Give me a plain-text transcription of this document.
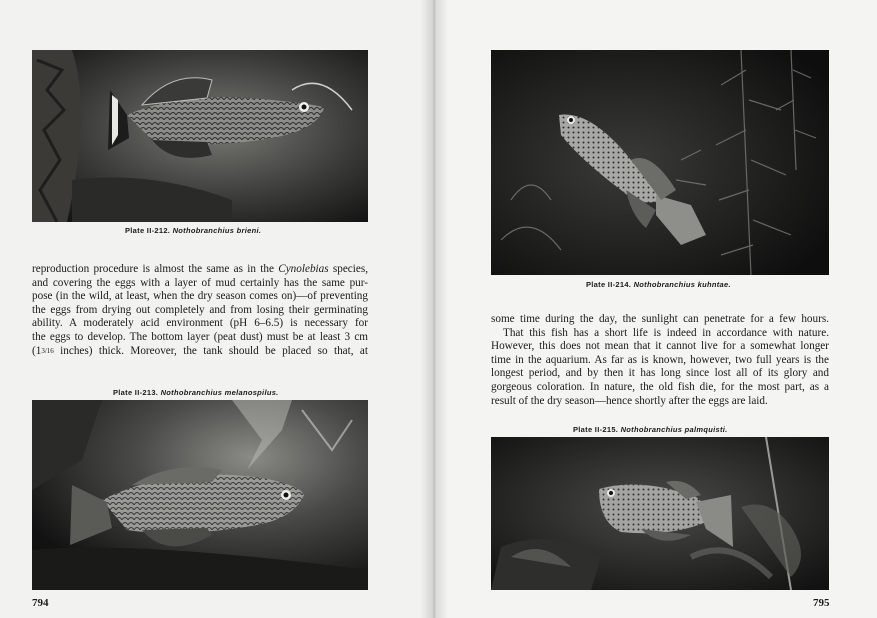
Plate II-212. Nothobranchius brieni.
reproduction procedure is almost the same as in the Cynolebias species,
and covering the eggs with a layer of mud certainly has the same pur-
pose (in the wild, at least, when the dry season comes on)—of preventing
the eggs from drying out completely and from losing their germinating
ability. A moderately acid environment (pH 6–6.5) is necessary for
the eggs to develop. The bottom layer (peat dust) must be at least 3 cm
(13/16 inches) thick. Moreover, the tank should be placed so that, at
Plate II-213. Nothobranchius melanospilus.
794
Plate II-214. Nothobranchius kuhntae.
some time during the day, the sunlight can penetrate for a few hours.
That this fish has a short life is indeed in accordance with nature.
However, this does not mean that it cannot live for a somewhat longer
time in the aquarium. As far as is known, however, two full years is the
longest period, and by then it has long since lost all of its glory and
gorgeous coloration. In nature, the old fish die, for the most part, as a
result of the dry season—hence shortly after the eggs are laid.
Plate II-215. Nothobranchius palmquisti.
795
